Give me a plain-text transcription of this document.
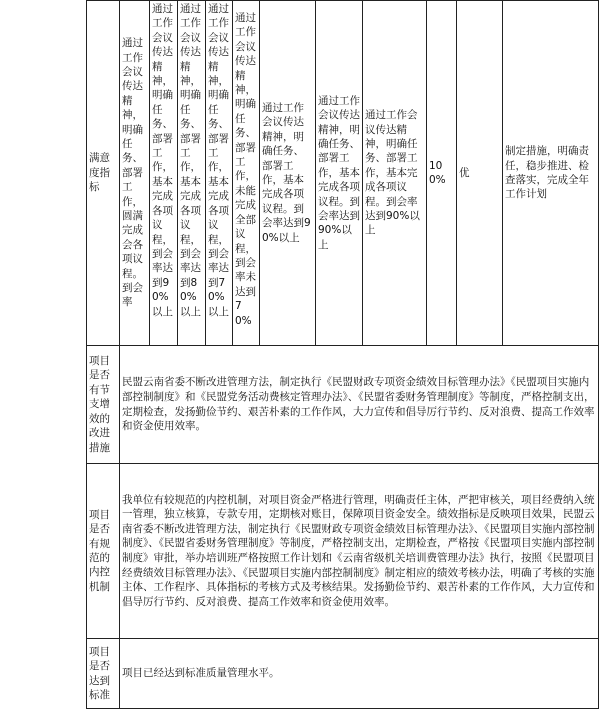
满意度指标	通过工作会议传达精神，明确任务、部署工作，圆满完成会各项议程。到会率	通过工作会议传达精神，明确任务、部署工作，基本完成各项议程，到会率达到90%以上	通过工作会议传达精神，明确任务、部署工作，基本完成各项议程，到会率达到80%以上	通过工作会议传达精神，明确任务、部署工作，基本完成各项议程，到会率达到70%以上	通过工作会议传达精神，明确任务、部署工作，未能完成全部议程，到会率未达到70%	通过工作会议传达精神，明确任务、部署工作，基本完成各项议程。到会率达到90%以上	通过工作会议传达精神，明确任务、部署工作，基本完成各项议程。到会率达到90%以上	通过工作会议传达精神，明确任务、部署工作，基本完成各项议程。到会率达到90%以上	100%	优	制定措施，明确责任，稳步推进、检查落实，完成全年工作计划
项目是否有节支增效的改进措施	民盟云南省委不断改进管理方法，制定执行《民盟财政专项资金绩效目标管理办法》《民盟项目实施内部控制制度》和《民盟党务活动费核定管理办法》、《民盟省委财务管理制度》等制度，严格控制支出，定期检查，发扬勤俭节约、艰苦朴素的工作作风，大力宣传和倡导厉行节约、反对浪费、提高工作效率和资金使用效率。
项目是否有规范的内控机制	我单位有较规范的内控机制，对项目资金严格进行管理，明确责任主体，严把审核关，项目经费纳入统一管理，独立核算，专款专用，定期核对账目，保障项目资金安全。绩效指标是反映项目效果，民盟云南省委不断改进管理方法，制定执行《民盟财政专项资金绩效目标管理办法》、《民盟项目实施内部控制制度》、《民盟省委财务管理制度》等制度，严格控制支出，定期检查，严格按《民盟项目实施内部控制制度》审批，举办培训班严格按照工作计划和《云南省级机关培训费管理办法》执行，按照《民盟项目经费绩效目标管理办法》、《民盟项目实施内部控制制度》制定相应的绩效考核办法，明确了考核的实施主体、工作程序、具体指标的考核方式及考核结果。发扬勤俭节约、艰苦朴素的工作作风，大力宣传和倡导厉行节约、反对浪费、提高工作效率和资金使用效率。
项目是否达到标准	项目已经达到标准质量管理水平。
